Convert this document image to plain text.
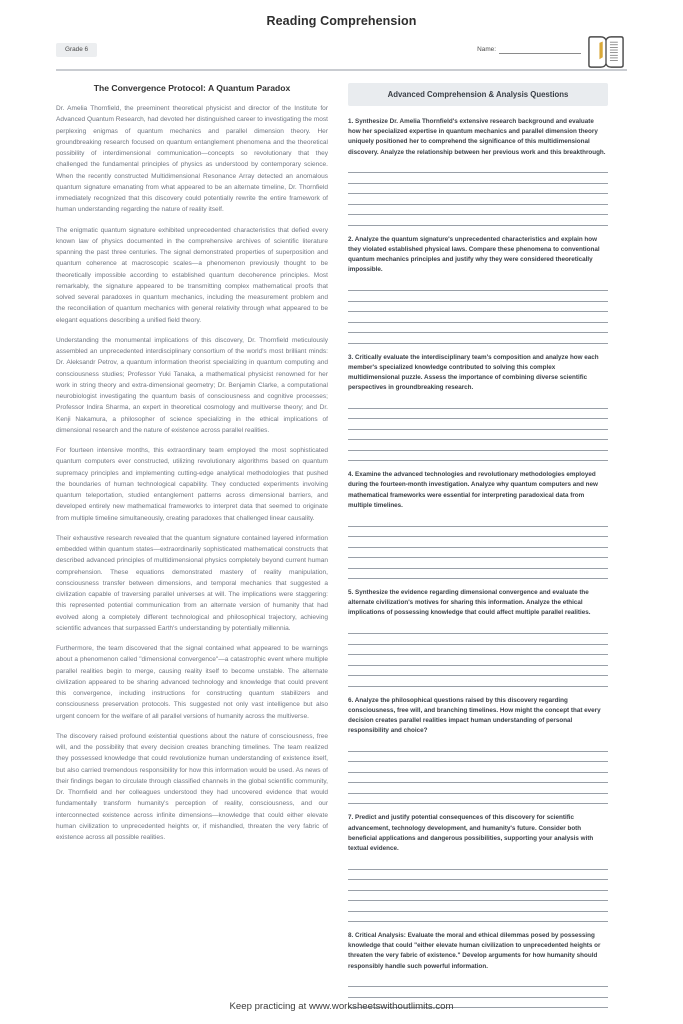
Reading Comprehension
Grade 6	Name:
The Convergence Protocol: A Quantum Paradox

Dr. Amelia Thornfield, the preeminent theoretical physicist and director of the Institute for Advanced Quantum Research, had devoted her distinguished career to investigating the most perplexing enigmas of quantum mechanics and parallel dimension theory. Her groundbreaking research focused on quantum entanglement phenomena and the theoretical possibility of interdimensional communication—concepts so revolutionary that they challenged the fundamental principles of physics as understood by contemporary science. When the recently constructed Multidimensional Resonance Array detected an anomalous quantum signature emanating from what appeared to be an alternate timeline, Dr. Thornfield immediately recognized that this discovery could potentially rewrite the entire framework of human understanding regarding the nature of reality itself.

The enigmatic quantum signature exhibited unprecedented characteristics that defied every known law of physics documented in the comprehensive archives of scientific literature spanning the past three centuries. The signal demonstrated properties of superposition and quantum coherence at macroscopic scales—a phenomenon previously thought to be theoretically impossible according to established quantum decoherence principles. Most remarkably, the signature appeared to be transmitting complex mathematical proofs that solved several paradoxes in quantum mechanics, including the measurement problem and the reconciliation of quantum mechanics with general relativity through what appeared to be elegant equations describing a unified field theory.

Understanding the monumental implications of this discovery, Dr. Thornfield meticulously assembled an unprecedented interdisciplinary consortium of the world's most brilliant minds: Dr. Aleksandr Petrov, a quantum information theorist specializing in quantum computing and consciousness studies; Professor Yuki Tanaka, a mathematical physicist renowned for her work in string theory and extra-dimensional geometry; Dr. Benjamin Clarke, a computational neurobiologist investigating the quantum basis of consciousness and cognitive processes; Professor Indira Sharma, an expert in theoretical cosmology and multiverse theory; and Dr. Kenji Nakamura, a philosopher of science specializing in the ethical implications of dimensional research and the nature of existence across parallel realities.

For fourteen intensive months, this extraordinary team employed the most sophisticated quantum computers ever constructed, utilizing revolutionary algorithms based on quantum supremacy principles and implementing cutting-edge analytical methodologies that pushed the boundaries of human technological capability. They conducted experiments involving quantum teleportation, studied entanglement patterns across dimensional barriers, and developed entirely new mathematical frameworks to interpret data that seemed to originate from multiple timeline simultaneously, creating paradoxes that challenged linear causality.

Their exhaustive research revealed that the quantum signature contained layered information embedded within quantum states—extraordinarily sophisticated mathematical constructs that described advanced principles of multidimensional physics completely beyond current human comprehension. These equations demonstrated mastery of reality manipulation, consciousness transfer between dimensions, and temporal mechanics that suggested a civilization capable of traversing parallel universes at will. The implications were staggering: this represented potential communication from an alternate version of humanity that had evolved along a completely different technological and philosophical trajectory, achieving scientific advances that surpassed Earth's understanding by potentially millennia.

Furthermore, the team discovered that the signal contained what appeared to be warnings about a phenomenon called "dimensional convergence"—a catastrophic event where multiple parallel realities begin to merge, causing reality itself to become unstable. The alternate civilization appeared to be sharing advanced technology and knowledge that could prevent this convergence, including instructions for constructing quantum stabilizers and consciousness preservation protocols. This suggested not only vast intelligence but also urgent concern for the welfare of all parallel versions of humanity across the multiverse.

The discovery raised profound existential questions about the nature of consciousness, free will, and the possibility that every decision creates branching timelines. The team realized they possessed knowledge that could revolutionize human understanding of existence itself, but also carried tremendous responsibility for how this information would be used. As news of their findings began to circulate through classified channels in the global scientific community, Dr. Thornfield and her colleagues understood they had uncovered evidence that would fundamentally transform humanity's perception of reality, consciousness, and our interconnected existence across infinite dimensions—knowledge that could either elevate human civilization to unprecedented heights or, if mishandled, threaten the very fabric of existence across all possible realities.

Advanced Comprehension & Analysis Questions
1. Synthesize Dr. Amelia Thornfield's extensive research background and evaluate how her specialized expertise in quantum mechanics and parallel dimension theory uniquely positioned her to comprehend the significance of this multidimensional discovery. Analyze the relationship between her previous work and this breakthrough.
2. Analyze the quantum signature's unprecedented characteristics and explain how they violated established physical laws. Compare these phenomena to conventional quantum mechanics principles and justify why they were considered theoretically impossible.
3. Critically evaluate the interdisciplinary team's composition and analyze how each member's specialized knowledge contributed to solving this complex multidimensional puzzle. Assess the importance of combining diverse scientific perspectives in groundbreaking research.
4. Examine the advanced technologies and revolutionary methodologies employed during the fourteen-month investigation. Analyze why quantum computers and new mathematical frameworks were essential for interpreting paradoxical data from multiple timelines.
5. Synthesize the evidence regarding dimensional convergence and evaluate the alternate civilization's motives for sharing this information. Analyze the ethical implications of possessing knowledge that could affect multiple parallel realities.
6. Analyze the philosophical questions raised by this discovery regarding consciousness, free will, and branching timelines. How might the concept that every decision creates parallel realities impact human understanding of personal responsibility and choice?
7. Predict and justify potential consequences of this discovery for scientific advancement, technology development, and humanity's future. Consider both beneficial applications and dangerous possibilities, supporting your analysis with textual evidence.
8. Critical Analysis: Evaluate the moral and ethical dilemmas posed by possessing knowledge that could "either elevate human civilization to unprecedented heights or threaten the very fabric of existence." Develop arguments for how humanity should responsibly handle such powerful information.
Keep practicing at www.worksheetswithoutlimits.com
